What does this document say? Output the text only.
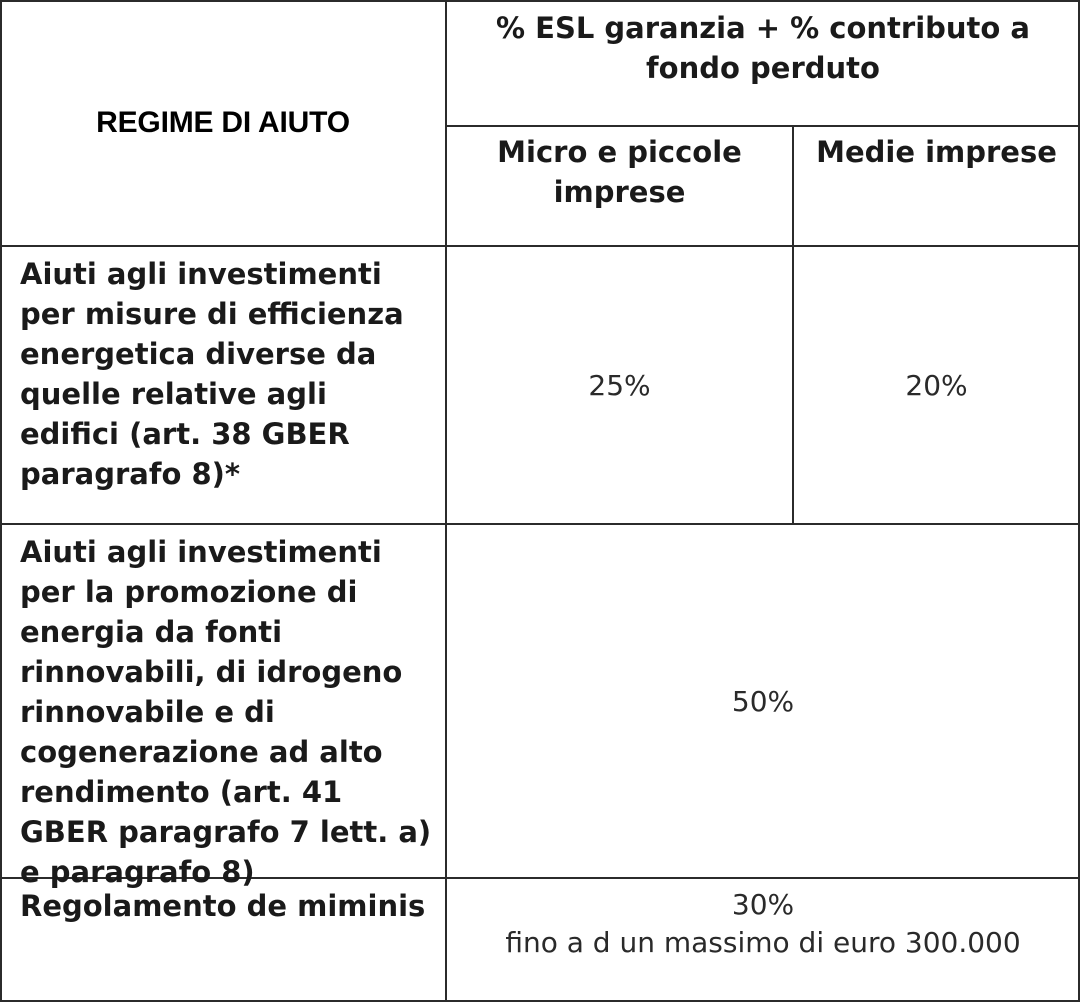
REGIME DI AIUTO
% ESL garanzia + % contributo a fondo perduto
Micro e piccole imprese
Medie imprese
Aiuti agli investimenti per misure di efficienza energetica diverse da quelle relative agli edifici (art. 38 GBER paragrafo 8)*
25%	20%
Aiuti agli investimenti per la promozione di energia da fonti rinnovabili, di idrogeno rinnovabile e di cogenerazione ad alto rendimento (art. 41 GBER paragrafo 7 lett. a) e paragrafo 8)
50%
Regolamento de miminis	30%
fino a d un massimo di euro 300.000
